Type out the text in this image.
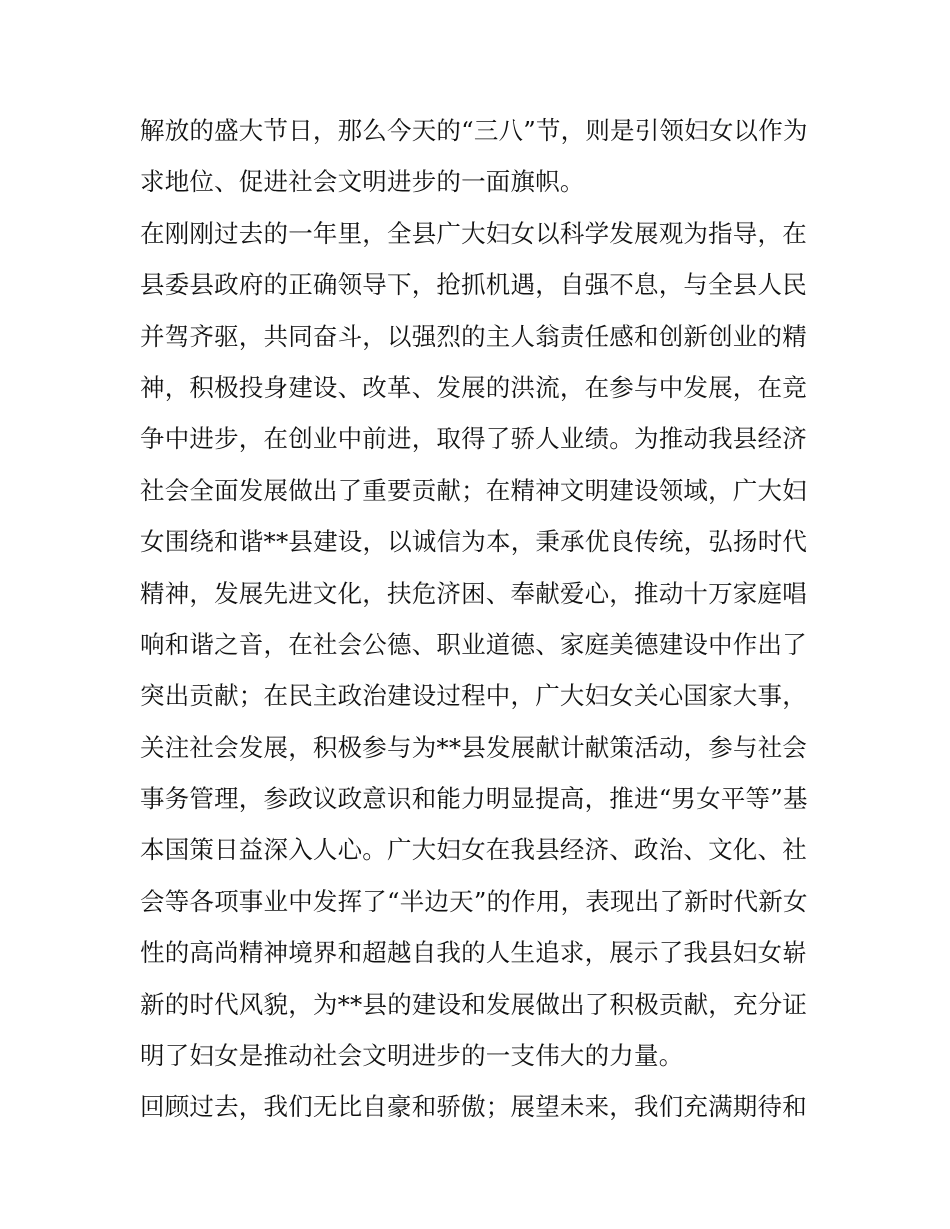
解放的盛大节日，那么今天的“三八”节，则是引领妇女以作为
求地位、促进社会文明进步的一面旗帜。
在刚刚过去的一年里，全县广大妇女以科学发展观为指导，在
县委县政府的正确领导下，抢抓机遇，自强不息，与全县人民
并驾齐驱，共同奋斗，以强烈的主人翁责任感和创新创业的精
神，积极投身建设、改革、发展的洪流，在参与中发展，在竞
争中进步，在创业中前进，取得了骄人业绩。为推动我县经济
社会全面发展做出了重要贡献；在精神文明建设领域，广大妇
女围绕和谐**县建设，以诚信为本，秉承优良传统，弘扬时代
精神，发展先进文化，扶危济困、奉献爱心，推动十万家庭唱
响和谐之音，在社会公德、职业道德、家庭美德建设中作出了
突出贡献；在民主政治建设过程中，广大妇女关心国家大事，
关注社会发展，积极参与为**县发展献计献策活动，参与社会
事务管理，参政议政意识和能力明显提高，推进“男女平等”基
本国策日益深入人心。广大妇女在我县经济、政治、文化、社
会等各项事业中发挥了“半边天”的作用，表现出了新时代新女
性的高尚精神境界和超越自我的人生追求，展示了我县妇女崭
新的时代风貌，为**县的建设和发展做出了积极贡献，充分证
明了妇女是推动社会文明进步的一支伟大的力量。
回顾过去，我们无比自豪和骄傲；展望未来，我们充满期待和
